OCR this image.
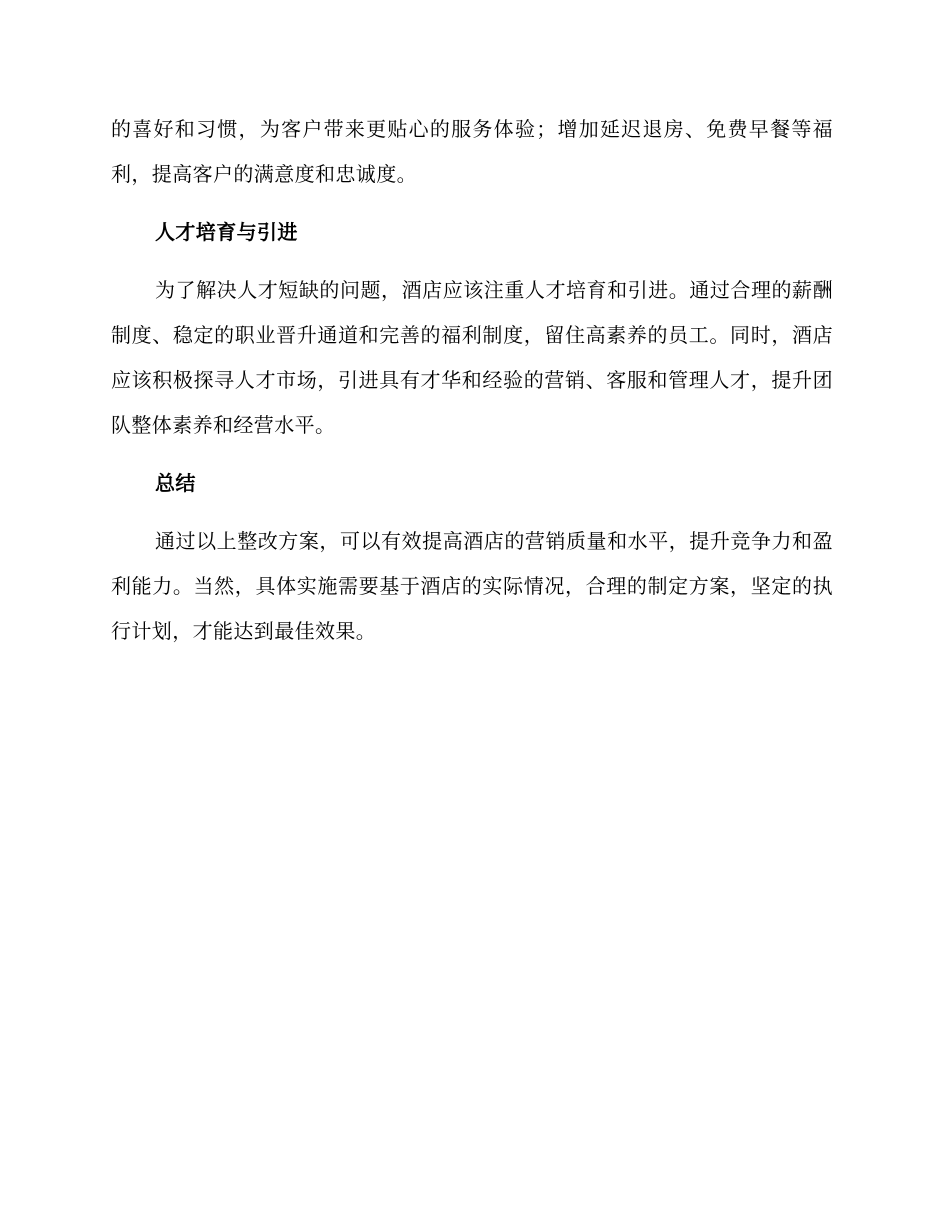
的喜好和习惯，为客户带来更贴心的服务体验；增加延迟退房、免费早餐等福利，提高客户的满意度和忠诚度。

人才培育与引进

为了解决人才短缺的问题，酒店应该注重人才培育和引进。通过合理的薪酬制度、稳定的职业晋升通道和完善的福利制度，留住高素养的员工。同时，酒店应该积极探寻人才市场，引进具有才华和经验的营销、客服和管理人才，提升团队整体素养和经营水平。

总结

通过以上整改方案，可以有效提高酒店的营销质量和水平，提升竞争力和盈利能力。当然，具体实施需要基于酒店的实际情况，合理的制定方案，坚定的执行计划，才能达到最佳效果。
